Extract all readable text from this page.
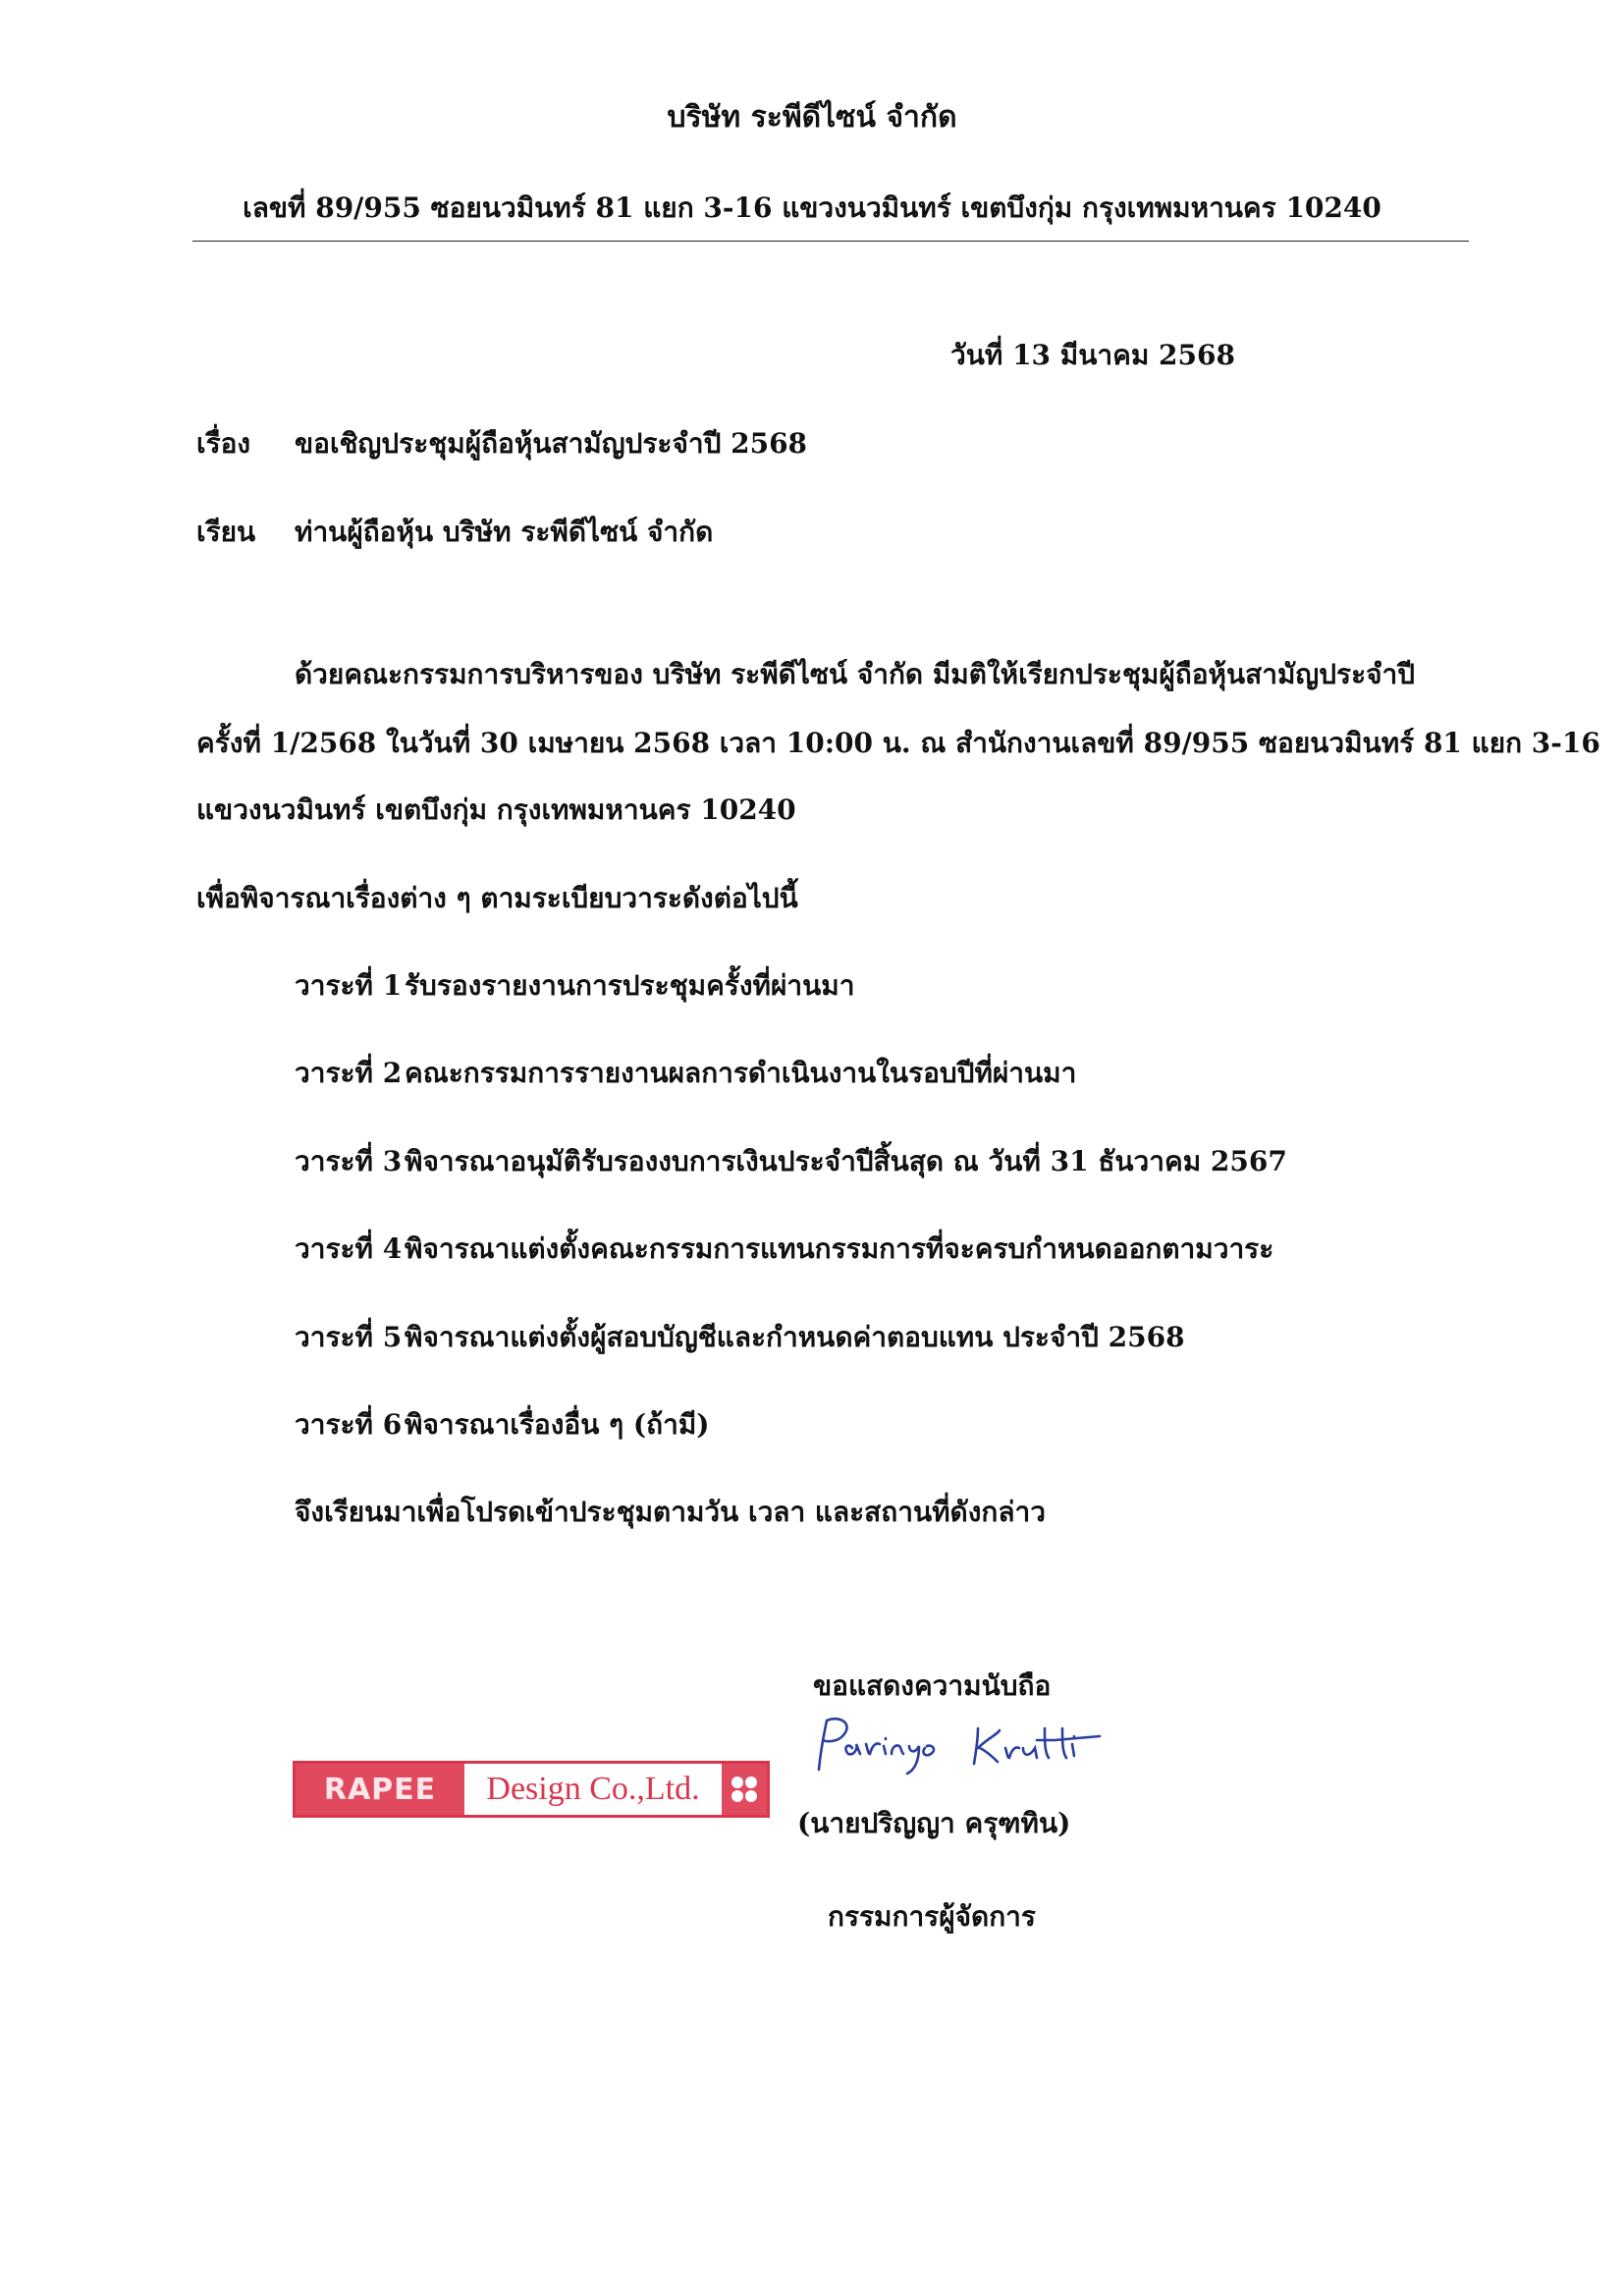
บริษัท ระพีดีไซน์ จำกัด
เลขที่ 89/955 ซอยนวมินทร์ 81 แยก 3-16 แขวงนวมินทร์ เขตบึงกุ่ม กรุงเทพมหานคร 10240
วันที่ 13 มีนาคม 2568
เรื่อง ขอเชิญประชุมผู้ถือหุ้นสามัญประจำปี 2568
เรียน ท่านผู้ถือหุ้น บริษัท ระพีดีไซน์ จำกัด
ด้วยคณะกรรมการบริหารของ บริษัท ระพีดีไซน์ จำกัด มีมติให้เรียกประชุมผู้ถือหุ้นสามัญประจำปี
ครั้งที่ 1/2568 ในวันที่ 30 เมษายน 2568 เวลา 10:00 น. ณ สำนักงานเลขที่ 89/955 ซอยนวมินทร์ 81 แยก 3-16
แขวงนวมินทร์ เขตบึงกุ่ม กรุงเทพมหานคร 10240
เพื่อพิจารณาเรื่องต่าง ๆ ตามระเบียบวาระดังต่อไปนี้
วาระที่ 1รับรองรายงานการประชุมครั้งที่ผ่านมา
วาระที่ 2คณะกรรมการรายงานผลการดำเนินงานในรอบปีที่ผ่านมา
วาระที่ 3พิจารณาอนุมัติรับรองงบการเงินประจำปีสิ้นสุด ณ วันที่ 31 ธันวาคม 2567
วาระที่ 4พิจารณาแต่งตั้งคณะกรรมการแทนกรรมการที่จะครบกำหนดออกตามวาระ
วาระที่ 5พิจารณาแต่งตั้งผู้สอบบัญชีและกำหนดค่าตอบแทน ประจำปี 2568
วาระที่ 6พิจารณาเรื่องอื่น ๆ (ถ้ามี)
จึงเรียนมาเพื่อโปรดเข้าประชุมตามวัน เวลา และสถานที่ดังกล่าว
ขอแสดงความนับถือ
RAPEE	Design Co.,Ltd.
(นายปริญญา ครุฑทิน)
กรรมการผู้จัดการ
